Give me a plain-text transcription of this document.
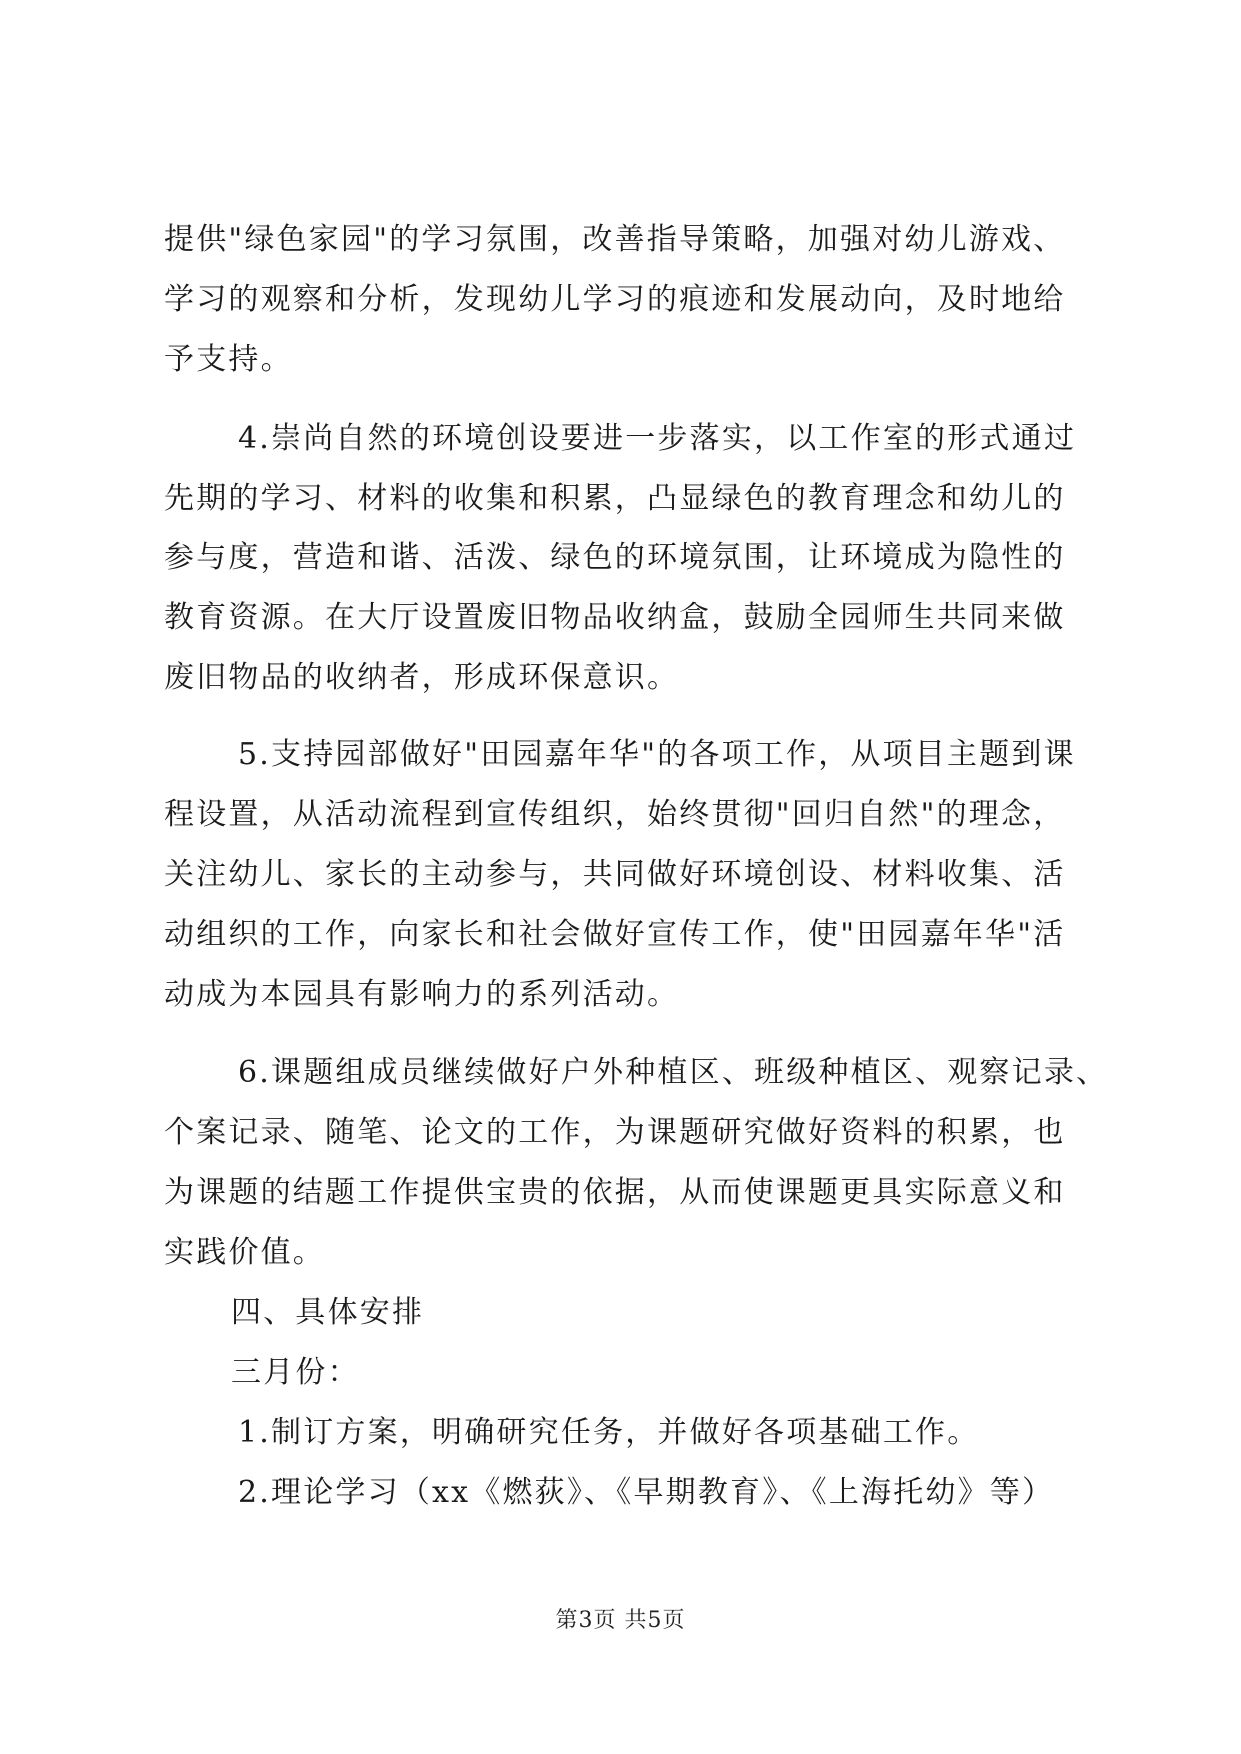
提供"绿色家园"的学习氛围，改善指导策略，加强对幼儿游戏、
学习的观察和分析，发现幼儿学习的痕迹和发展动向，及时地给
予支持。
4.崇尚自然的环境创设要进一步落实，以工作室的形式通过
先期的学习、材料的收集和积累，凸显绿色的教育理念和幼儿的
参与度，营造和谐、活泼、绿色的环境氛围，让环境成为隐性的
教育资源。在大厅设置废旧物品收纳盒，鼓励全园师生共同来做
废旧物品的收纳者，形成环保意识。
5.支持园部做好"田园嘉年华"的各项工作，从项目主题到课
程设置，从活动流程到宣传组织，始终贯彻"回归自然"的理念，
关注幼儿、家长的主动参与，共同做好环境创设、材料收集、活
动组织的工作，向家长和社会做好宣传工作，使"田园嘉年华"活
动成为本园具有影响力的系列活动。
6.课题组成员继续做好户外种植区、班级种植区、观察记录、
个案记录、随笔、论文的工作，为课题研究做好资料的积累，也
为课题的结题工作提供宝贵的依据，从而使课题更具实际意义和
实践价值。
四、具体安排
三月份：
1.制订方案，明确研究任务，并做好各项基础工作。
2.理论学习（xx《燃荻》、《早期教育》、《上海托幼》等）
第3页 共5页
